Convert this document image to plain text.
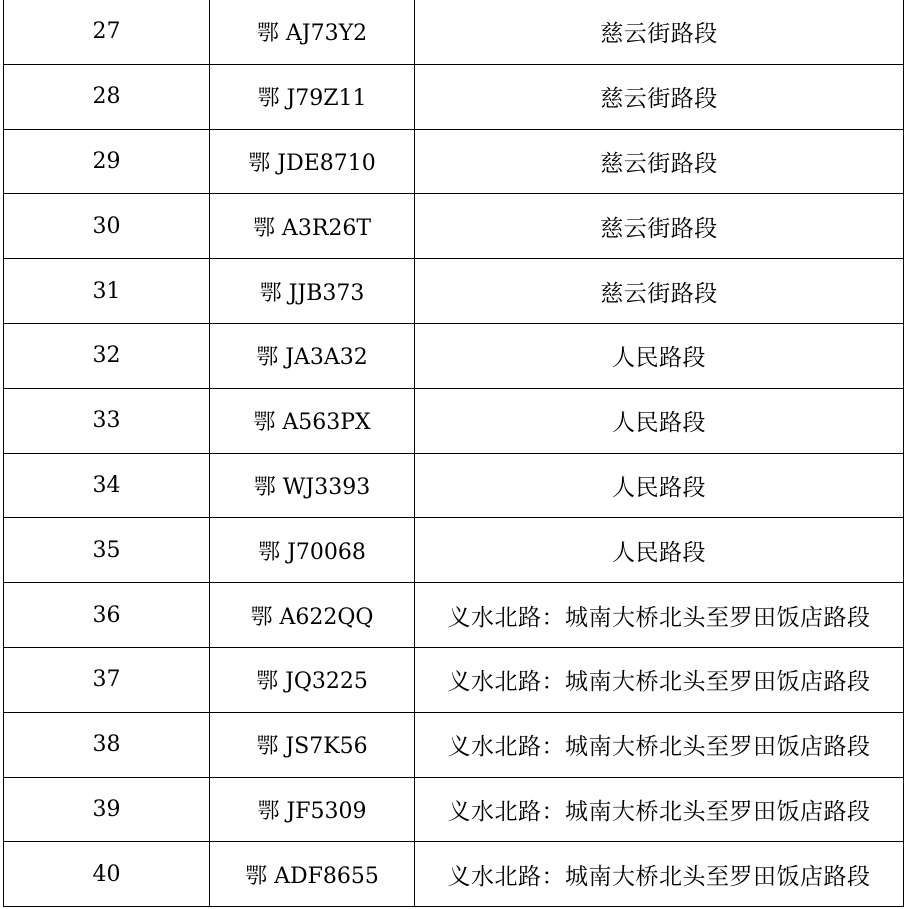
27	鄂 AJ73Y2	慈云街路段
28	鄂 J79Z11	慈云街路段
29	鄂 JDE8710	慈云街路段
30	鄂 A3R26T	慈云街路段
31	鄂 JJB373	慈云街路段
32	鄂 JA3A32	人民路段
33	鄂 A563PX	人民路段
34	鄂 WJ3393	人民路段
35	鄂 J70068	人民路段
36	鄂 A622QQ	义水北路：城南大桥北头至罗田饭店路段
37	鄂 JQ3225	义水北路：城南大桥北头至罗田饭店路段
38	鄂 JS7K56	义水北路：城南大桥北头至罗田饭店路段
39	鄂 JF5309	义水北路：城南大桥北头至罗田饭店路段
40	鄂 ADF8655	义水北路：城南大桥北头至罗田饭店路段
